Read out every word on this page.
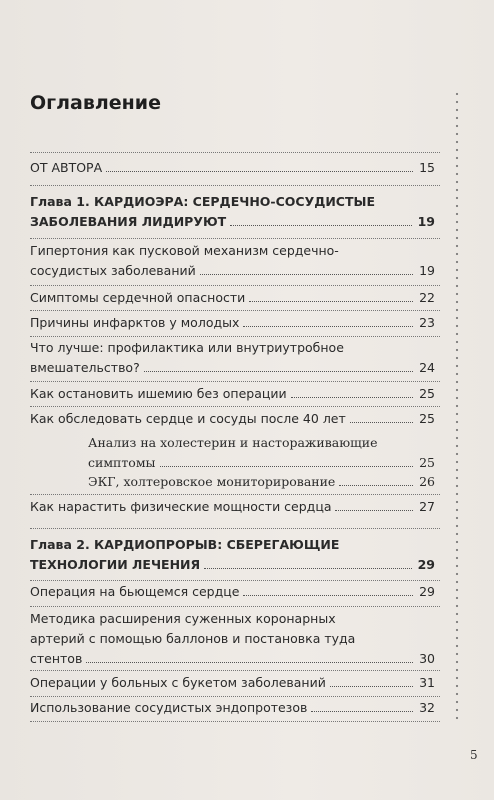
Оглавление
ОТ АВТОРА	15
Глава 1. КАРДИОЭРА: СЕРДЕЧНО-СОСУДИСТЫЕ
ЗАБОЛЕВАНИЯ ЛИДИРУЮТ	19
Гипертония как пусковой механизм сердечно-
сосудистых заболеваний	19
Симптомы сердечной опасности	22
Причины инфарктов у молодых	23
Что лучше: профилактика или внутриутробное
вмешательство?	24
Как остановить ишемию без операции	25
Как обследовать сердце и сосуды после 40 лет	25
Анализ на холестерин и настораживающие
симптомы	25
ЭКГ, холтеровское мониторирование	26
Как нарастить физические мощности сердца	27
Глава 2. КАРДИОПРОРЫВ: СБЕРЕГАЮЩИЕ
ТЕХНОЛОГИИ ЛЕЧЕНИЯ	29
Операция на бьющемся сердце	29
Методика расширения суженных коронарных
артерий с помощью баллонов и постановка туда
стентов	30
Операции у больных с букетом заболеваний	31
Использование сосудистых эндопротезов	32
5
